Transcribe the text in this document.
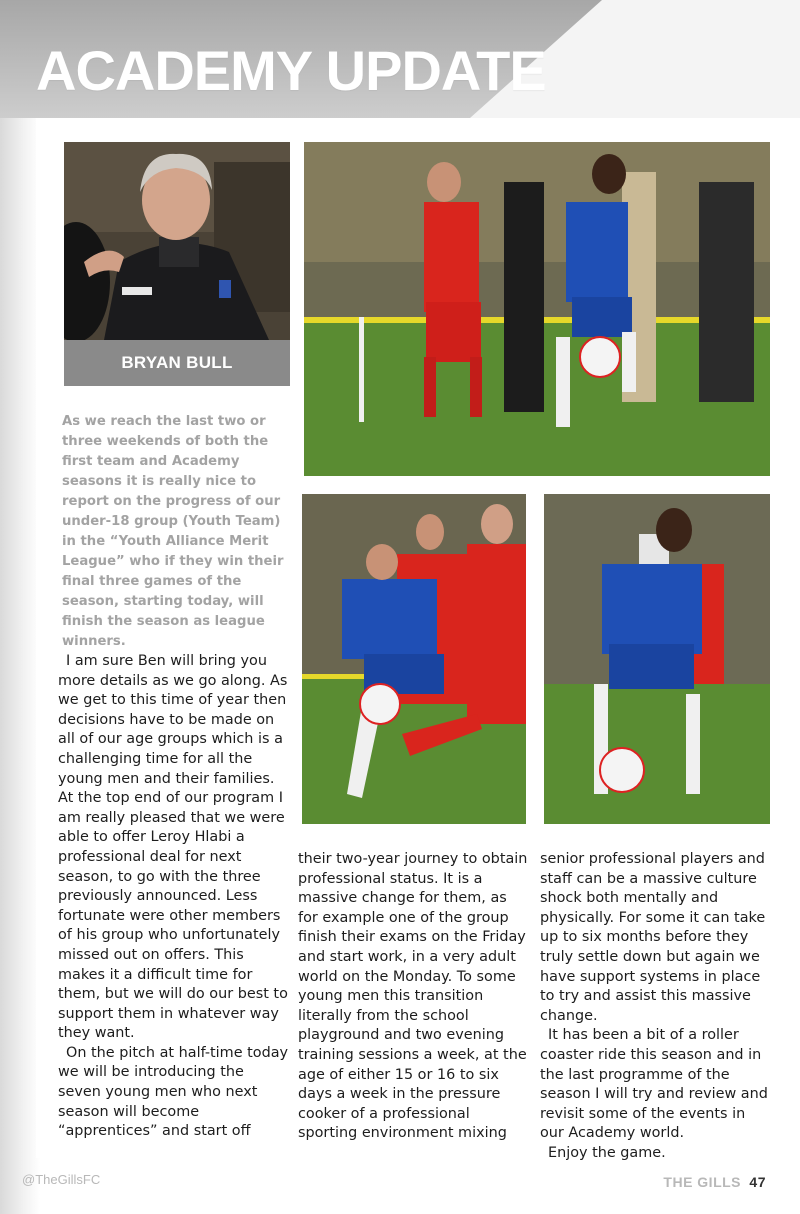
ACADEMY UPDATE
BRYAN BULL
As we reach the last two or three weekends of both the first team and Academy seasons it is really nice to report on the progress of our under-18 group (Youth Team) in the “Youth Alliance Merit League” who if they win their final three games of the season, starting today, will finish the season as league winners.

I am sure Ben will bring you more details as we go along. As we get to this time of year then decisions have to be made on all of our age groups which is a challenging time for all the young men and their families. At the top end of our program I am really pleased that we were able to offer Leroy Hlabi a professional deal for next season, to go with the three previously announced. Less fortunate were other members of his group who unfortunately missed out on offers. This makes it a difficult time for them, but we will do our best to support them in whatever way they want.

On the pitch at half-time today we will be introducing the seven young men who next season will become “apprentices” and start off

their two-year journey to obtain professional status. It is a massive change for them, as for example one of the group finish their exams on the Friday and start work, in a very adult world on the Monday. To some young men this transition literally from the school playground and two evening training sessions a week, at the age of either 15 or 16 to six days a week in the pressure cooker of a professional sporting environment mixing

senior professional players and staff can be a massive culture shock both mentally and physically. For some it can take up to six months before they truly settle down but again we have support systems in place to try and assist this massive change.

It has been a bit of a roller coaster ride this season and in the last programme of the season I will try and review and revisit some of the events in our Academy world.

Enjoy the game.

@TheGillsFC	THE GILLS 47
